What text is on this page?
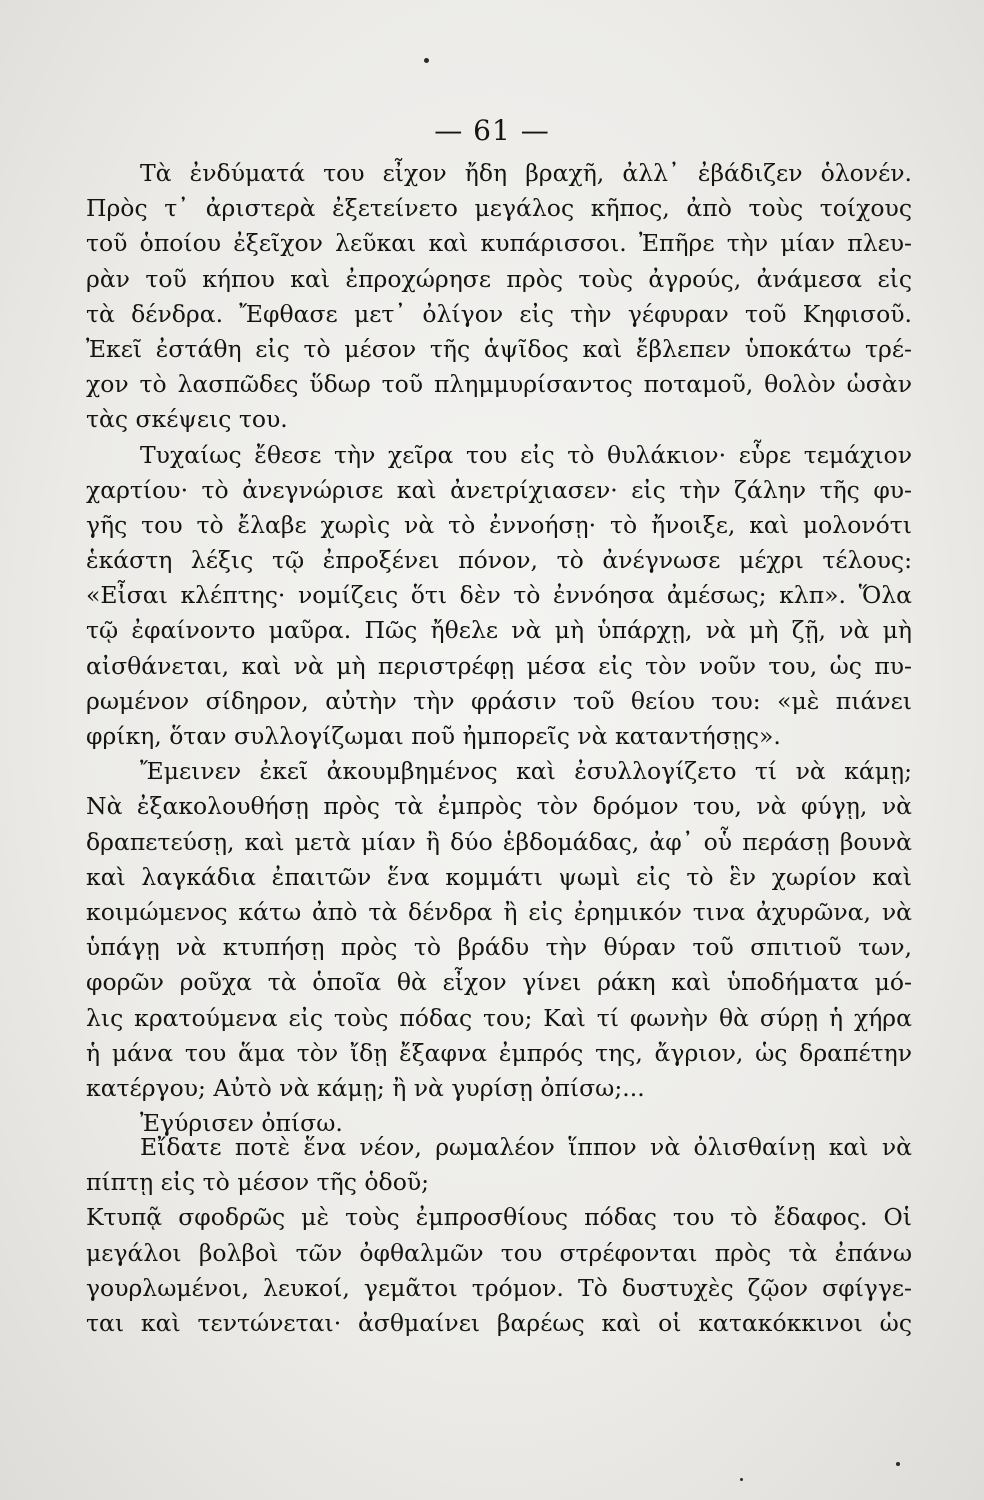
— 61 —
Τὰ ἐνδύματά του εἶχον ἤδη βραχῆ, ἀλλ᾽ ἐβάδιζεν ὁλονέν.
Πρὸς τ᾽ ἀριστερὰ ἐξετείνετο μεγάλος κῆπος, ἀπὸ τοὺς τοίχους
τοῦ ὁποίου ἐξεῖχον λεῦκαι καὶ κυπάρισσοι. Ἐπῆρε τὴν μίαν πλευ-
ρὰν τοῦ κήπου καὶ ἐπροχώρησε πρὸς τοὺς ἀγρούς, ἀνάμεσα εἰς
τὰ δένδρα. Ἔφθασε μετ᾽ ὀλίγον εἰς τὴν γέφυραν τοῦ Κηφισοῦ.
Ἐκεῖ ἐστάθη εἰς τὸ μέσον τῆς ἁψῖδος καὶ ἔβλεπεν ὑποκάτω τρέ-
χον τὸ λασπῶδες ὕδωρ τοῦ πλημμυρίσαντος ποταμοῦ, θολὸν ὡσὰν
τὰς σκέψεις του.
Τυχαίως ἔθεσε τὴν χεῖρα του εἰς τὸ θυλάκιον· εὗρε τεμάχιον
χαρτίου· τὸ ἀνεγνώρισε καὶ ἀνετρίχιασεν· εἰς τὴν ζάλην τῆς φυ-
γῆς του τὸ ἔλαβε χωρὶς νὰ τὸ ἐννοήσῃ· τὸ ἤνοιξε, καὶ μολονότι
ἑκάστη λέξις τῷ ἐπροξένει πόνον, τὸ ἀνέγνωσε μέχρι τέλους:
«Εἶσαι κλέπτης· νομίζεις ὅτι δὲν τὸ ἐννόησα ἀμέσως; κλπ». Ὅλα
τῷ ἐφαίνοντο μαῦρα. Πῶς ἤθελε νὰ μὴ ὑπάρχῃ, νὰ μὴ ζῇ, νὰ μὴ
αἰσθάνεται, καὶ νὰ μὴ περιστρέφῃ μέσα εἰς τὸν νοῦν του, ὡς πυ-
ρωμένον σίδηρον, αὐτὴν τὴν φράσιν τοῦ θείου του: «μὲ πιάνει
φρίκη, ὅταν συλλογίζωμαι ποῦ ἠμπορεῖς νὰ καταντήσῃς».
Ἔμεινεν ἐκεῖ ἀκουμβημένος καὶ ἐσυλλογίζετο τί νὰ κάμῃ;
Νὰ ἐξακολουθήσῃ πρὸς τὰ ἐμπρὸς τὸν δρόμον του, νὰ φύγῃ, νὰ
δραπετεύσῃ, καὶ μετὰ μίαν ἢ δύο ἑβδομάδας, ἀφ᾽ οὗ περάσῃ βουνὰ
καὶ λαγκάδια ἐπαιτῶν ἕνα κομμάτι ψωμὶ εἰς τὸ ἓν χωρίον καὶ
κοιμώμενος κάτω ἀπὸ τὰ δένδρα ἢ εἰς ἐρημικόν τινα ἀχυρῶνα, νὰ
ὑπάγῃ νὰ κτυπήσῃ πρὸς τὸ βράδυ τὴν θύραν τοῦ σπιτιοῦ των,
φορῶν ροῦχα τὰ ὁποῖα θὰ εἶχον γίνει ράκη καὶ ὑποδήματα μό-
λις κρατούμενα εἰς τοὺς πόδας του; Καὶ τί φωνὴν θὰ σύρῃ ἡ χήρα
ἡ μάνα του ἅμα τὸν ἴδῃ ἔξαφνα ἐμπρός της, ἄγριον, ὡς δραπέτην
κατέργου; Αὐτὸ νὰ κάμῃ; ἢ νὰ γυρίσῃ ὀπίσω;...
Ἐγύρισεν ὀπίσω.
Εἴδατε ποτὲ ἕνα νέον, ρωμαλέον ἵππον νὰ ὀλισθαίνῃ καὶ νὰ
πίπτῃ εἰς τὸ μέσον τῆς ὁδοῦ;
Κτυπᾷ σφοδρῶς μὲ τοὺς ἐμπροσθίους πόδας του τὸ ἔδαφος. Οἱ
μεγάλοι βολβοὶ τῶν ὀφθαλμῶν του στρέφονται πρὸς τὰ ἐπάνω
γουρλωμένοι, λευκοί, γεμᾶτοι τρόμον. Τὸ δυστυχὲς ζῷον σφίγγε-
ται καὶ τεντώνεται· ἀσθμαίνει βαρέως καὶ οἱ κατακόκκινοι ὡς
